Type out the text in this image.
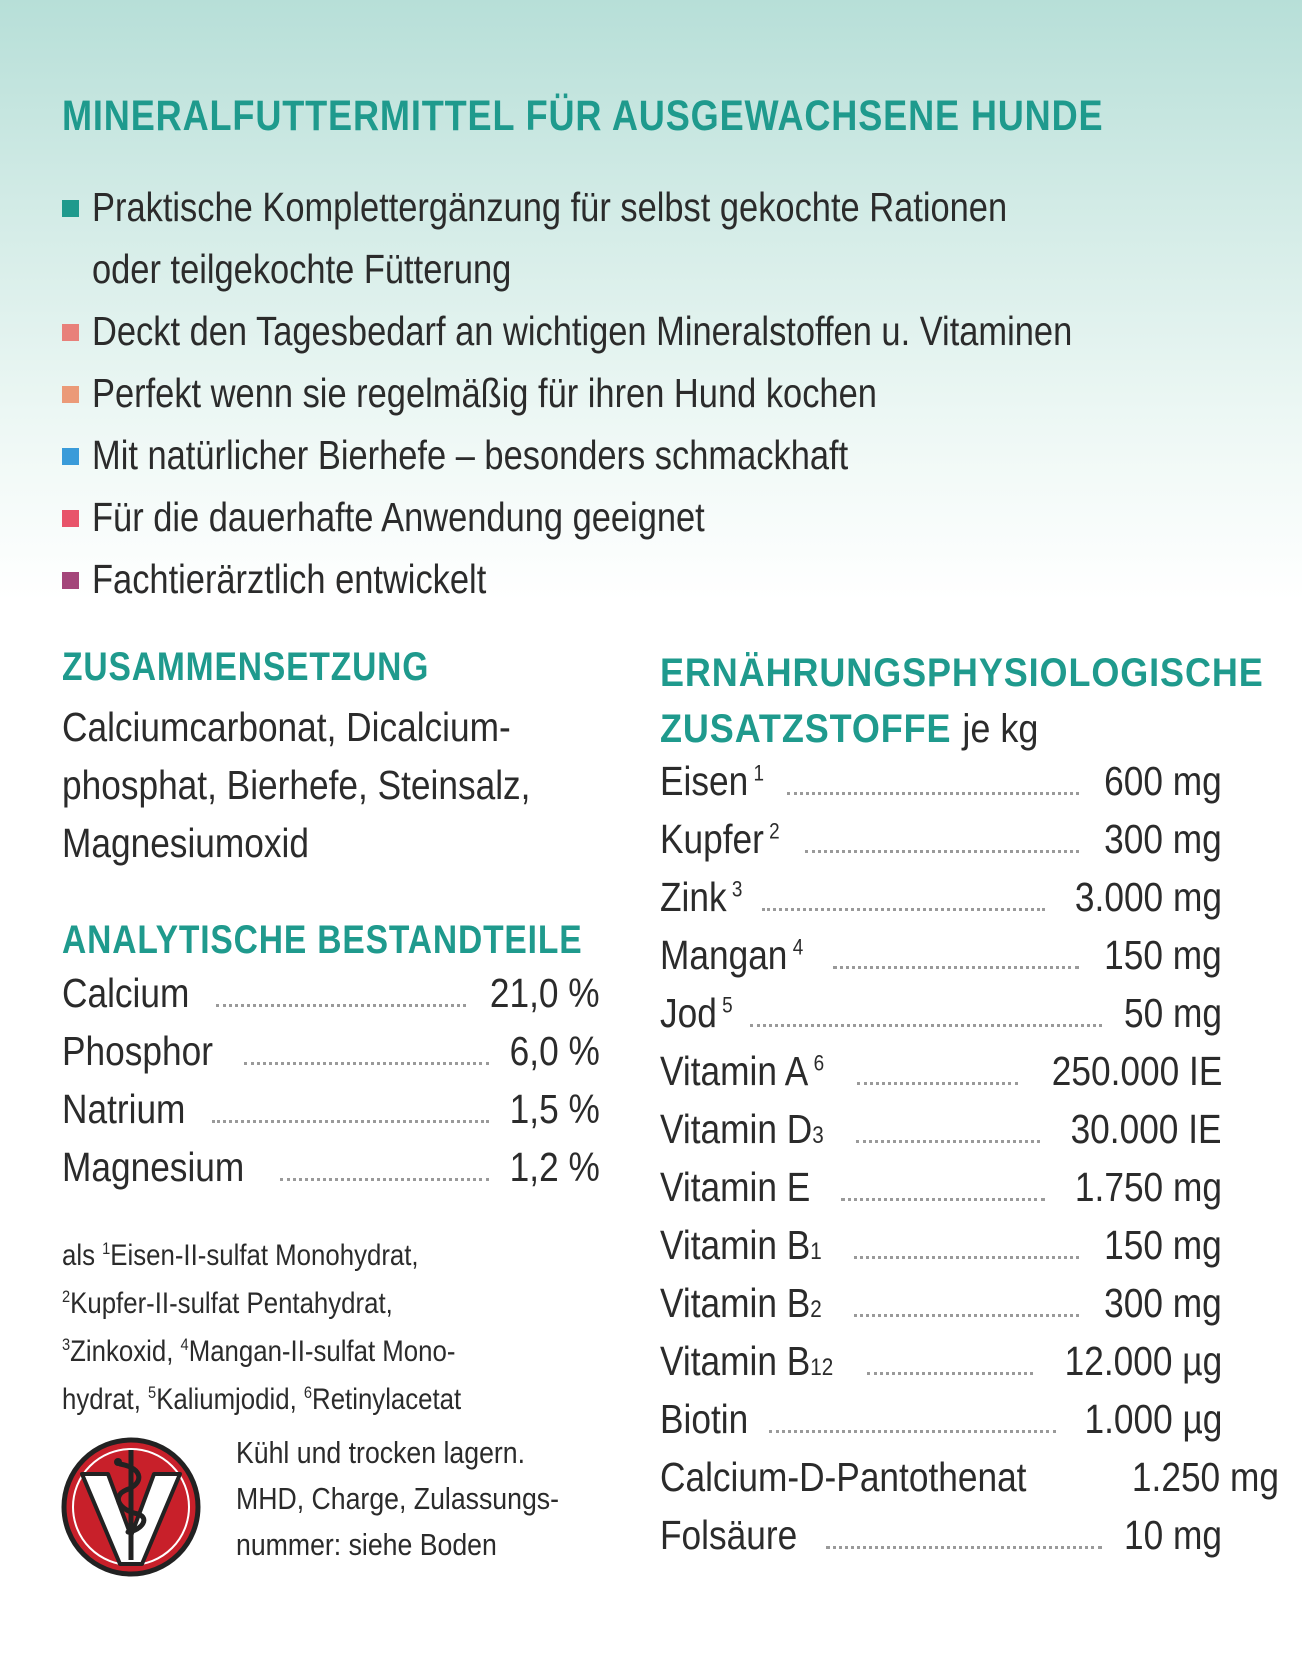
MINERALFUTTERMITTEL FÜR AUSGEWACHSENE HUNDE
Praktische Komplettergänzung für selbst gekochte Rationen
oder teilgekochte Fütterung
Deckt den Tagesbedarf an wichtigen Mineralstoffen u. Vitaminen
Perfekt wenn sie regelmäßig für ihren Hund kochen
Mit natürlicher Bierhefe – besonders schmackhaft
Für die dauerhafte Anwendung geeignet
Fachtierärztlich entwickelt
ZUSAMMENSETZUNG
Calciumcarbonat, Dicalcium-
phosphat, Bierhefe, Steinsalz,
Magnesiumoxid
ANALYTISCHE BESTANDTEILE
Calcium	21,0 %
Phosphor	6,0 %
Natrium	1,5 %
Magnesium	1,2 %
als $^1$Eisen-II-sulfat Monohydrat,
$^2$Kupfer-II-sulfat Pentahydrat,
$^3$Zinkoxid, $^4$Mangan-II-sulfat Mono-
hydrat, $^5$Kaliumjodid, $^6$Retinylacetat
Kühl und trocken lagern.
MHD, Charge, Zulassungs-
nummer: siehe Boden
ERNÄHRUNGSPHYSIOLOGISCHE
ZUSATZSTOFFE je kg
Eisen $^1$	600 mg
Kupfer $^2$	300 mg
Zink $^3$	3.000 mg
Mangan $^4$	150 mg
Jod $^5$	50 mg
Vitamin A $^6$	250.000 IE
Vitamin D3	30.000 IE
Vitamin E	1.750 mg
Vitamin B1	150 mg
Vitamin B2	300 mg
Vitamin B12	12.000 µg
Biotin	1.000 µg
Calcium-D-Pantothenat	1.250 mg
Folsäure	10 mg
